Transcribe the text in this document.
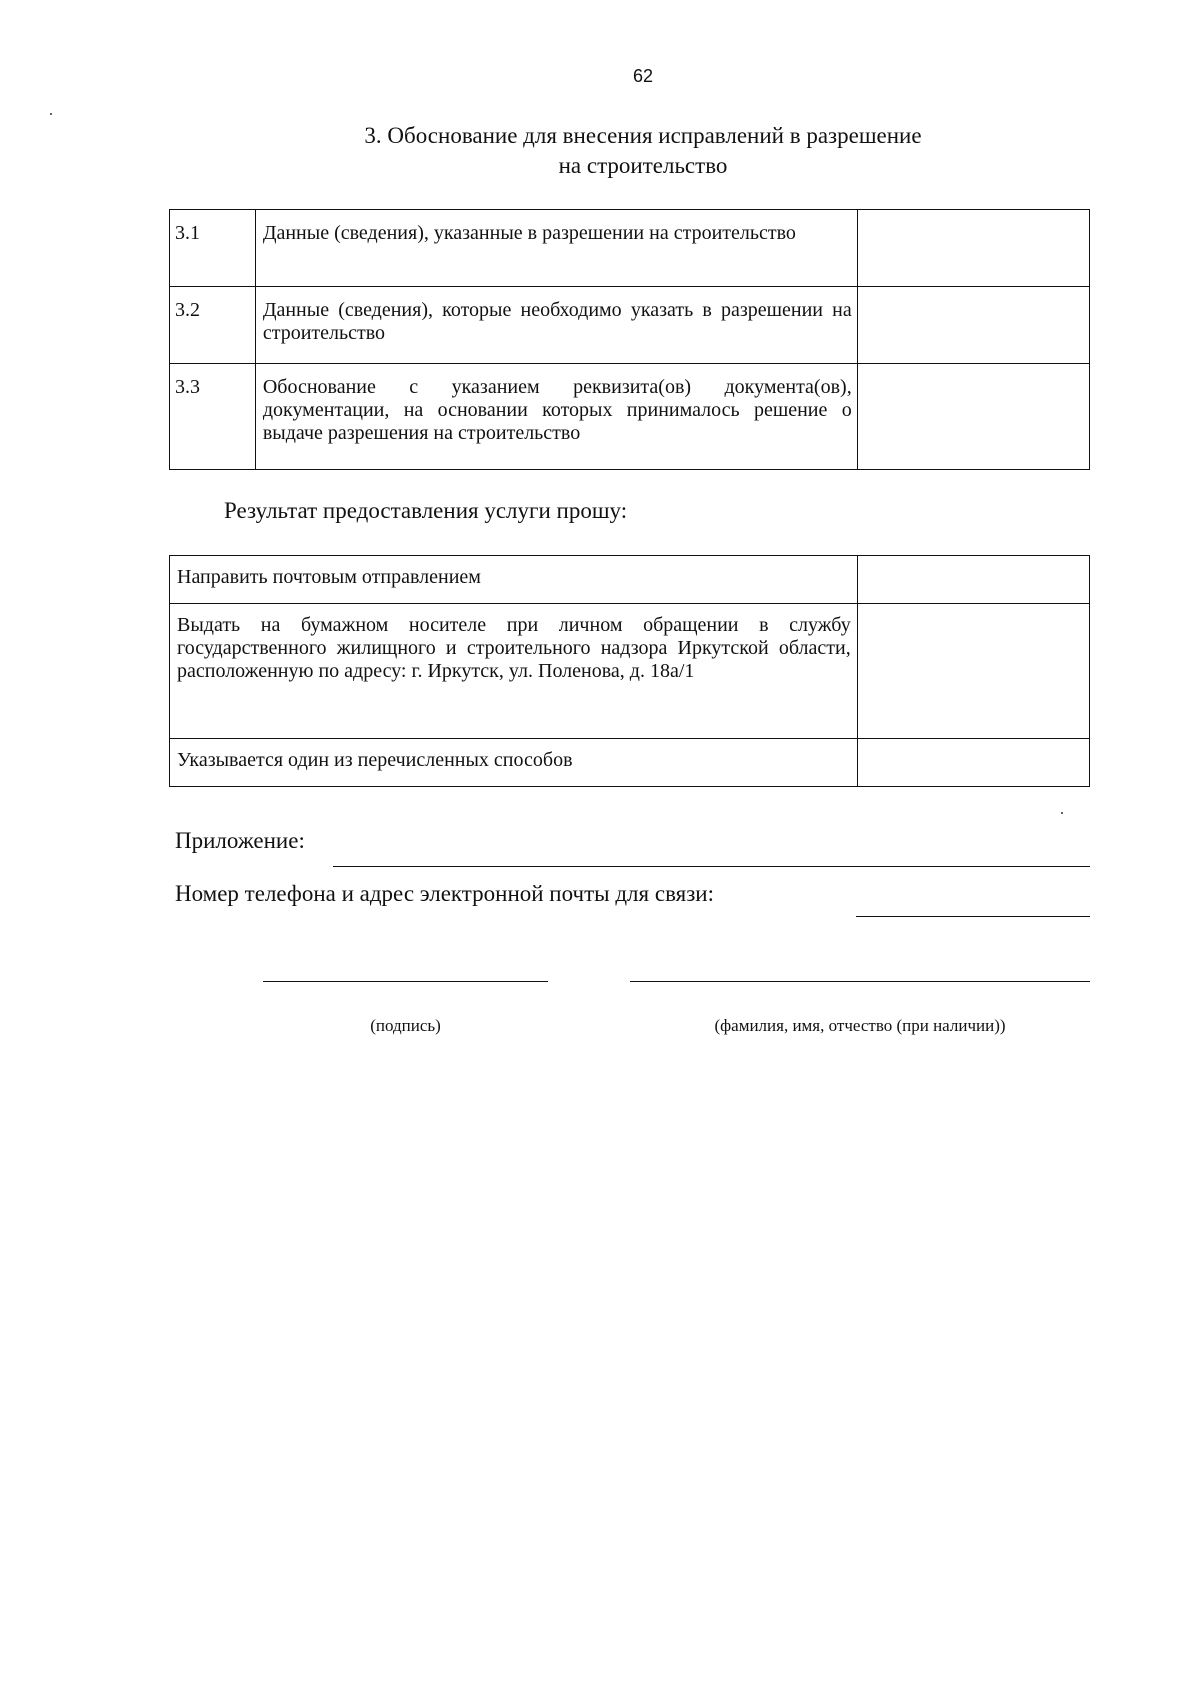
62
3. Обоснование для внесения исправлений в разрешение
на строительство
3.1	Данные (сведения), указанные в разрешении на строительство	
3.2	Данные (сведения), которые необходимо указать в разрешении на строительство	
3.3	Обоснование с указанием реквизита(ов) документа(ов), документации, на основании которых принималось решение о выдаче разрешения на строительство	
Результат предоставления услуги прошу:
Направить почтовым отправлением	
Выдать на бумажном носителе при личном обращении в службу государственного жилищного и строительного надзора Иркутской области, расположенную по адресу: г. Иркутск, ул. Поленова, д. 18а/1	
Указывается один из перечисленных способов	
Приложение:
Номер телефона и адрес электронной почты для связи:
(подпись)	(фамилия, имя, отчество (при наличии))
